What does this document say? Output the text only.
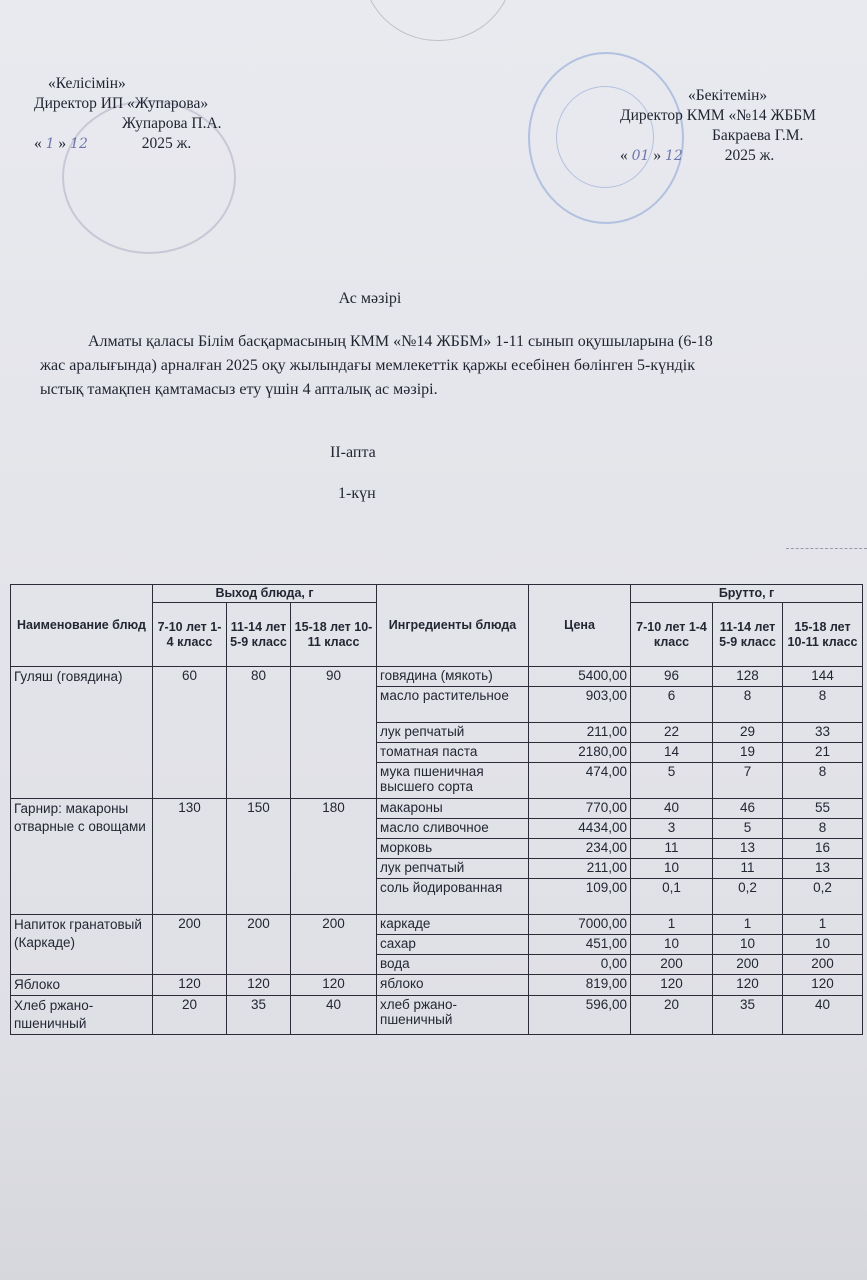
«Келісімін»
Директор ИП «Жупарова»
Жупарова П.А.
« 1 » 12	2025 ж.
«Бекітемін»
Директор КММ «№14 ЖББМ
Бакраева Г.М.
« 01 » 12	2025 ж.
Ас мәзірі
Алматы қаласы Білім басқармасының КММ «№14 ЖББМ» 1-11 сынып оқушыларына (6-18 жас аралығында) арналған 2025 оқу жылындағы мемлекеттік қаржы есебінен бөлінген 5-күндік ыстық тамақпен қамтамасыз ету үшін 4 апталық ас мәзірі.
II-апта
1-күн
Наименование блюд	Выход блюда, г			Ингредиенты блюда	Цена	Брутто, г		
	7-10 лет 1-4 класс	11-14 лет 5-9 класс	15-18 лет 10-11 класс			7-10 лет 1-4 класс	11-14 лет 5-9 класс	15-18 лет 10-11 класс
Гуляш (говядина)	60	80	90	говядина (мякоть)	5400,00	96	128	144
				масло растительное	903,00	6	8	8
				лук репчатый	211,00	22	29	33
				томатная паста	2180,00	14	19	21
				мука пшеничная высшего сорта	474,00	5	7	8
Гарнир: макароны отварные с овощами	130	150	180	макароны	770,00	40	46	55
				масло сливочное	4434,00	3	5	8
				морковь	234,00	11	13	16
				лук репчатый	211,00	10	11	13
				соль йодированная	109,00	0,1	0,2	0,2
Напиток гранатовый (Каркаде)	200	200	200	каркаде	7000,00	1	1	1
				сахар	451,00	10	10	10
				вода	0,00	200	200	200
Яблоко	120	120	120	яблоко	819,00	120	120	120
Хлеб ржано-пшеничный	20	35	40	хлеб ржано-пшеничный	596,00	20	35	40
